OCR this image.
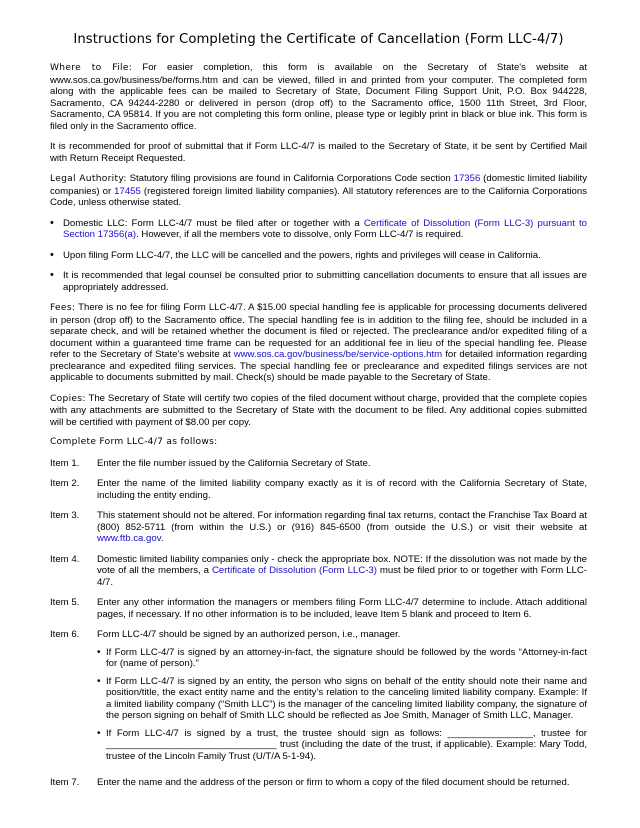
Instructions for Completing the Certificate of Cancellation (Form LLC-4/7)

Where to File: For easier completion, this form is available on the Secretary of State's website at www.sos.ca.gov/business/be/forms.htm and can be viewed, filled in and printed from your computer. The completed form along with the applicable fees can be mailed to Secretary of State, Document Filing Support Unit, P.O. Box 944228, Sacramento, CA 94244-2280 or delivered in person (drop off) to the Sacramento office, 1500 11th Street, 3rd Floor, Sacramento, CA 95814. If you are not completing this form online, please type or legibly print in black or blue ink. This form is filed only in the Sacramento office.

It is recommended for proof of submittal that if Form LLC-4/7 is mailed to the Secretary of State, it be sent by Certified Mail with Return Receipt Requested.

Legal Authority: Statutory filing provisions are found in California Corporations Code section 17356 (domestic limited liability companies) or 17455 (registered foreign limited liability companies). All statutory references are to the California Corporations Code, unless otherwise stated.

• Domestic LLC: Form LLC-4/7 must be filed after or together with a Certificate of Dissolution (Form LLC-3) pursuant to Section 17356(a). However, if all the members vote to dissolve, only Form LLC-4/7 is required.
• Upon filing Form LLC-4/7, the LLC will be cancelled and the powers, rights and privileges will cease in California.
• It is recommended that legal counsel be consulted prior to submitting cancellation documents to ensure that all issues are appropriately addressed.

Fees: There is no fee for filing Form LLC-4/7. A $15.00 special handling fee is applicable for processing documents delivered in person (drop off) to the Sacramento office. The special handling fee is in addition to the filing fee, should be included in a separate check, and will be retained whether the document is filed or rejected. The preclearance and/or expedited filing of a document within a guaranteed time frame can be requested for an additional fee in lieu of the special handling fee. Please refer to the Secretary of State's website at www.sos.ca.gov/business/be/service-options.htm for detailed information regarding preclearance and expedited filing services. The special handling fee or preclearance and expedited filings services are not applicable to documents submitted by mail. Check(s) should be made payable to the Secretary of State.

Copies: The Secretary of State will certify two copies of the filed document without charge, provided that the complete copies with any attachments are submitted to the Secretary of State with the document to be filed. Any additional copies submitted will be certified with payment of $8.00 per copy.

Complete Form LLC-4/7 as follows:

Item 1.	Enter the file number issued by the California Secretary of State.
Item 2.	Enter the name of the limited liability company exactly as it is of record with the California Secretary of State, including the entity ending.
Item 3.	This statement should not be altered. For information regarding final tax returns, contact the Franchise Tax Board at (800) 852-5711 (from within the U.S.) or (916) 845-6500 (from outside the U.S.) or visit their website at www.ftb.ca.gov.
Item 4.	Domestic limited liability companies only - check the appropriate box. NOTE: If the dissolution was not made by the vote of all the members, a Certificate of Dissolution (Form LLC-3) must be filed prior to or together with Form LLC-4/7.
Item 5.	Enter any other information the managers or members filing Form LLC-4/7 determine to include. Attach additional pages, if necessary. If no other information is to be included, leave Item 5 blank and proceed to Item 6.
Item 6.	Form LLC-4/7 should be signed by an authorized person, i.e., manager.
• If Form LLC-4/7 is signed by an attorney-in-fact, the signature should be followed by the words “Attorney-in-fact for (name of person).”
• If Form LLC-4/7 is signed by an entity, the person who signs on behalf of the entity should note their name and position/title, the exact entity name and the entity’s relation to the canceling limited liability company. Example: If a limited liability company (“Smith LLC”) is the manager of the canceling limited liability company, the signature of the person signing on behalf of Smith LLC should be reflected as Joe Smith, Manager of Smith LLC, Manager.
• If Form LLC-4/7 is signed by a trust, the trustee should sign as follows: ________________, trustee for ________________________________ trust (including the date of the trust, if applicable). Example: Mary Todd, trustee of the Lincoln Family Trust (U/T/A 5-1-94).
Item 7.	Enter the name and the address of the person or firm to whom a copy of the filed document should be returned.
